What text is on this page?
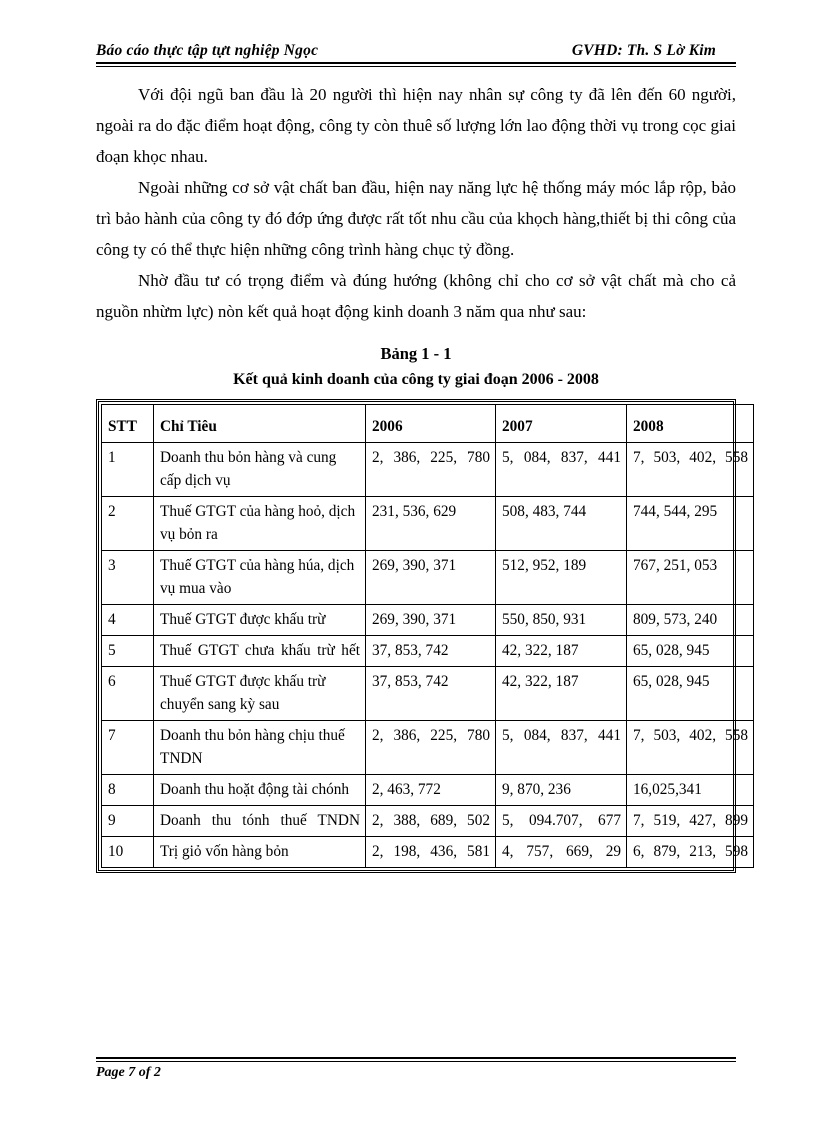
Báo cáo thực tập tựt nghiệp Ngọc	GVHD: Th. S Lờ Kim

Với đội ngũ ban đầu là 20 người thì hiện nay nhân sự công ty đã lên đến 60 người, ngoài ra do đặc điểm hoạt động, công ty còn thuê số lượng lớn lao động thời vụ trong cọc giai đoạn khọc nhau.

Ngoài những cơ sở vật chất ban đầu, hiện nay năng lực hệ thống máy móc lắp rộp, bảo trì bảo hành của công ty đó đớp ứng được rất tốt nhu cầu của khọch hàng,thiết bị thi công của công ty có thể thực hiện những công trình hàng chục tỷ đồng.

Nhờ đầu tư có trọng điểm và đúng hướng (không chỉ cho cơ sở vật chất mà cho cả nguồn nhừm lực) nòn kết quả hoạt động kinh doanh 3 năm qua như sau:

Bảng 1 - 1
Kết quả kinh doanh của công ty giai đoạn 2006 - 2008
STT	Chỉ Tiêu	2006	2007	2008
1	Doanh thu bỏn hàng và cung cấp dịch vụ	2, 386, 225, 780	5, 084, 837, 441	7, 503, 402, 558
2	Thuế GTGT của hàng hoỏ, dịch vụ bỏn ra	231, 536, 629	508, 483, 744	744, 544, 295
3	Thuế GTGT của hàng húa, dịch vụ mua vào	269, 390, 371	512, 952, 189	767, 251, 053
4	Thuế GTGT được khấu trừ	269, 390, 371	550, 850, 931	809, 573, 240
5	Thuế GTGT chưa khấu trừ hết	37, 853, 742	42, 322, 187	65, 028, 945
6	Thuế GTGT được khấu trừ chuyển sang kỳ sau	37, 853, 742	42, 322, 187	65, 028, 945
7	Doanh thu bỏn hàng chịu thuế TNDN	2, 386, 225, 780	5, 084, 837, 441	7, 503, 402, 558
8	Doanh thu hoặt động tài chónh	2, 463, 772	9, 870, 236	16,025,341
9	Doanh thu tónh thuế TNDN	2, 388, 689, 502	5, 094.707, 677	7, 519, 427, 899
10	Trị giỏ vốn hàng bỏn	2, 198, 436, 581	4, 757, 669, 29	6, 879, 213, 598
Page 7 of 2
